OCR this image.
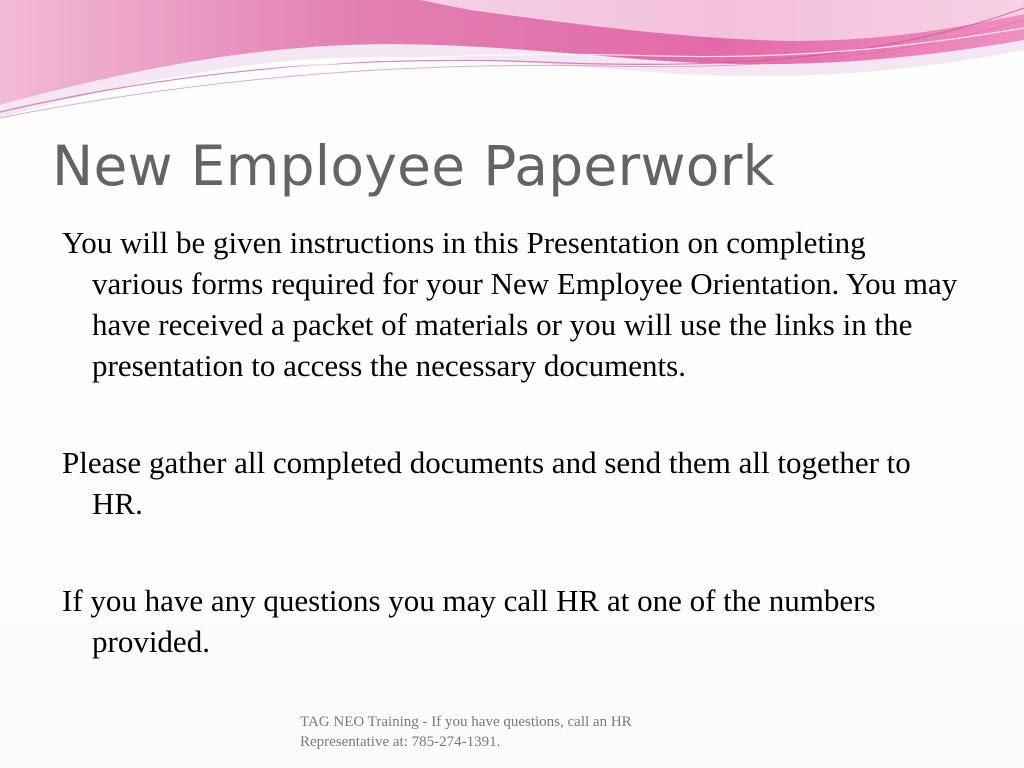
New Employee Paperwork

You will be given instructions in this Presentation on completing various forms required for your New Employee Orientation. You may have received a packet of materials or you will use the links in the presentation to access the necessary documents.

Please gather all completed documents and send them all together to HR.

If you have any questions you may call HR at one of the numbers provided.

TAG NEO Training - If you have questions, call an HR Representative at: 785-274-1391.
